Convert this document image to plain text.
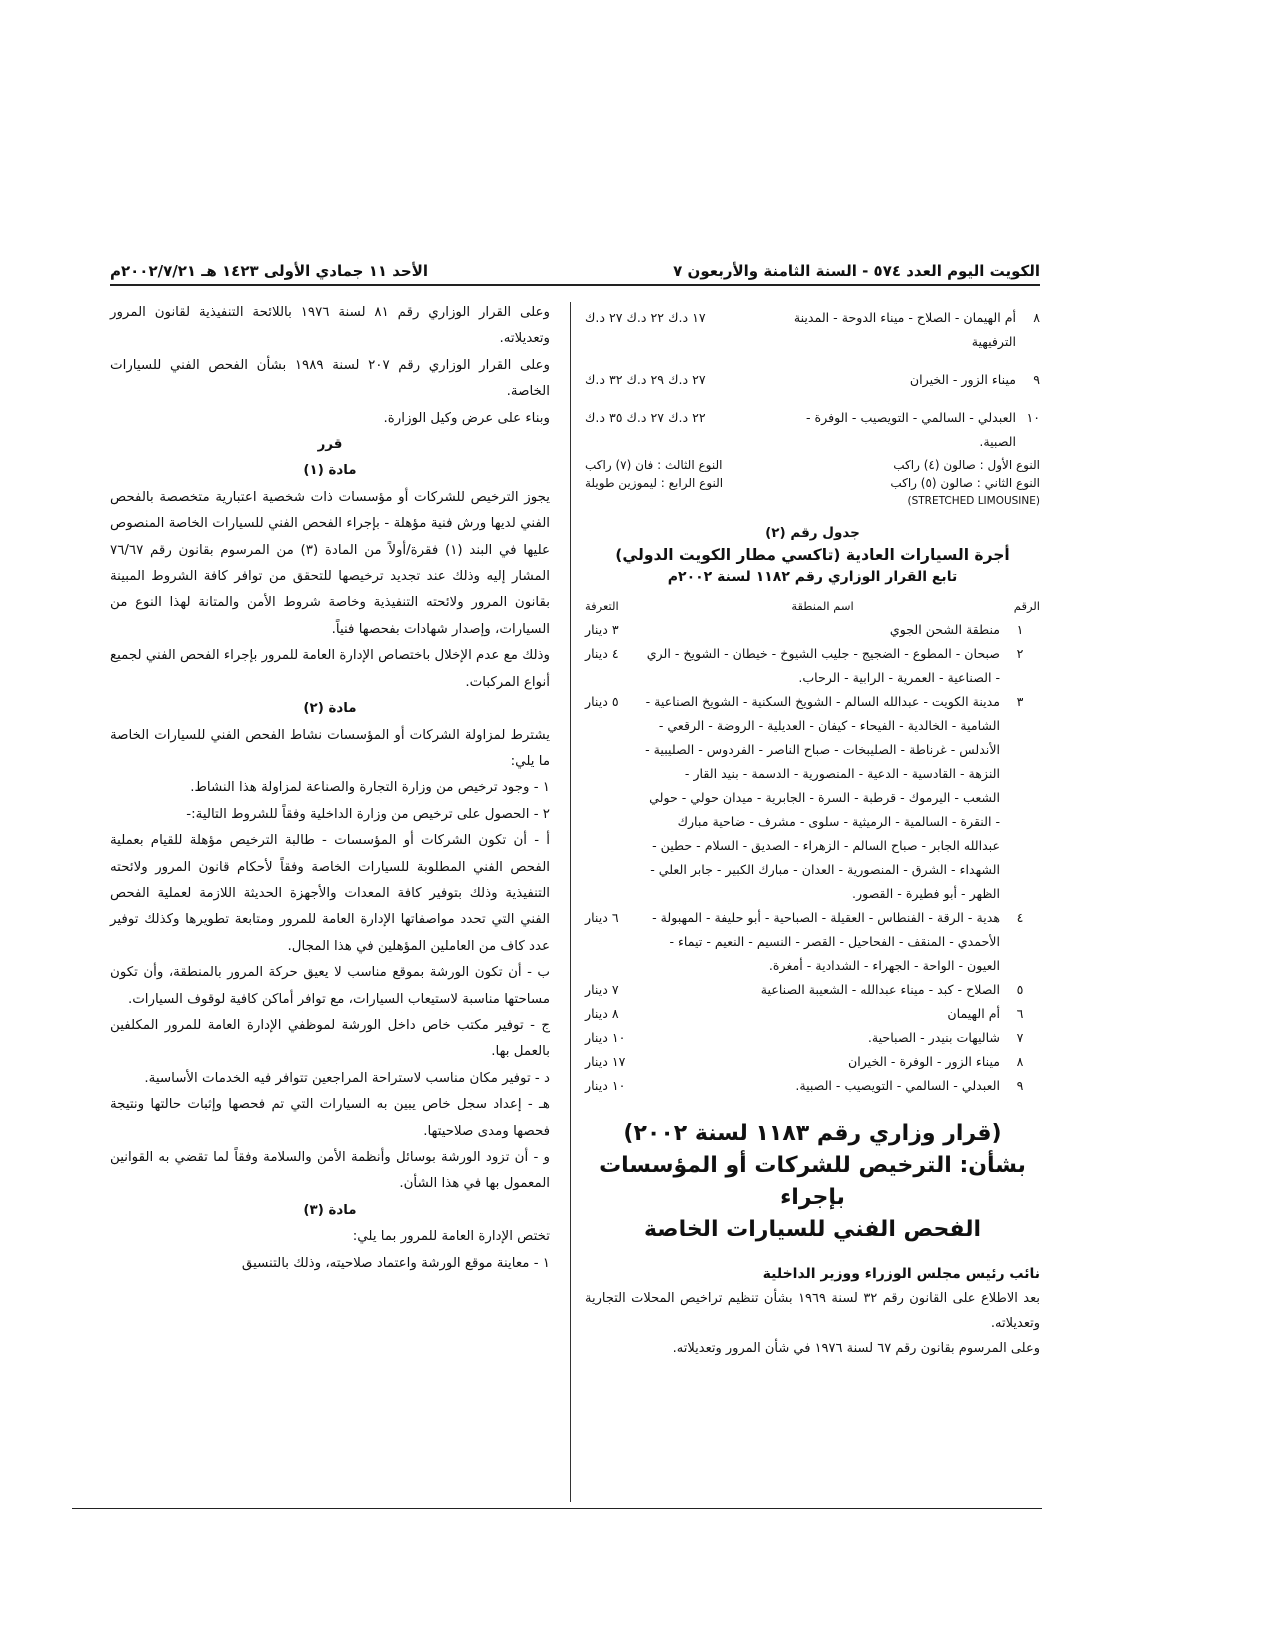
الكويت اليوم العدد ٥٧٤ - السنة الثامنة والأربعون ٧
الأحد ١١ جمادي الأولى ١٤٢٣ هـ ٢٠٠٢/٧/٢١م
٨
أم الهيمان - الصلاح - ميناء الدوحة - المدينة الترفيهية
١٧ د.ك ٢٢ د.ك ٢٧ د.ك
٩
ميناء الزور - الخيران
٢٧ د.ك ٢٩ د.ك ٣٢ د.ك
١٠
العبدلي - السالمي - التويصيب - الوفرة - الصبية.
٢٢ د.ك ٢٧ د.ك ٣٥ د.ك
النوع الأول : صالون (٤) راكب
النوع الثالث : فان (٧) راكب
النوع الثاني : صالون (٥) راكب
النوع الرابع : ليموزين طويلة
(STRETCHED LIMOUSINE)
جدول رقم (٢)
أجرة السيارات العادية (تاكسي مطار الكويت الدولي)
تابع القرار الوزاري رقم ١١٨٢ لسنة ٢٠٠٢م
الرقم
اسم المنطقة
التعرفة
١
منطقة الشحن الجوي
٣ دينار
٢
صبحان - المطوع - الضجيج - جليب الشيوخ - خيطان - الشويخ - الري - الصناعية - العمرية - الرابية - الرحاب.
٤ دينار
٣
مدينة الكويت - عبدالله السالم - الشويخ السكنية - الشويخ الصناعية - الشامية - الخالدية - الفيحاء - كيفان - العديلية - الروضة - الرقعي - الأندلس - غرناطة - الصليبخات - صباح الناصر - الفردوس - الصليبية - النزهة - القادسية - الدعية - المنصورية - الدسمة - بنيد القار - الشعب - اليرموك - قرطبة - السرة - الجابرية - ميدان حولي - حولي - النقرة - السالمية - الرميثية - سلوى - مشرف - ضاحية مبارك عبدالله الجابر - صباح السالم - الزهراء - الصديق - السلام - حطين - الشهداء - الشرق - المنصورية - العدان - مبارك الكبير - جابر العلي - الظهر - أبو فطيرة - القصور.
٥ دينار
٤
هدية - الرقة - الفنطاس - العقيلة - الصباحية - أبو حليفة - المهبولة - الأحمدي - المنقف - الفحاحيل - القصر - النسيم - النعيم - تيماء - العيون - الواحة - الجهراء - الشدادية - أمغرة.
٦ دينار
٥
الصلاح - كبد - ميناء عبدالله - الشعيبة الصناعية
٧ دينار
٦
أم الهيمان
٨ دينار
٧
شاليهات بنيدر - الصباحية.
١٠ دينار
٨
ميناء الزور - الوفرة - الخيران
١٧ دينار
٩
العبدلي - السالمي - التويصيب - الصبية.
١٠ دينار
(قرار وزاري رقم ١١٨٣ لسنة ٢٠٠٢)
بشأن: الترخيص للشركات أو المؤسسات بإجراء
الفحص الفني للسيارات الخاصة
نائب رئيس مجلس الوزراء ووزير الداخلية

بعد الاطلاع على القانون رقم ٣٢ لسنة ١٩٦٩ بشأن تنظيم تراخيص المحلات التجارية وتعديلاته.

وعلى المرسوم بقانون رقم ٦٧ لسنة ١٩٧٦ في شأن المرور وتعديلاته.

وعلى القرار الوزاري رقم ٨١ لسنة ١٩٧٦ باللائحة التنفيذية لقانون المرور وتعديلاته.

وعلى القرار الوزاري رقم ٢٠٧ لسنة ١٩٨٩ بشأن الفحص الفني للسيارات الخاصة.

وبناء على عرض وكيل الوزارة.

قرر

مادة (١)

يجوز الترخيص للشركات أو مؤسسات ذات شخصية اعتبارية متخصصة بالفحص الفني لديها ورش فنية مؤهلة - بإجراء الفحص الفني للسيارات الخاصة المنصوص عليها في البند (١) فقرة/أولاً من المادة (٣) من المرسوم بقانون رقم ٧٦/٦٧ المشار إليه وذلك عند تجديد ترخيصها للتحقق من توافر كافة الشروط المبينة بقانون المرور ولائحته التنفيذية وخاصة شروط الأمن والمتانة لهذا النوع من السيارات، وإصدار شهادات بفحصها فنياً.

وذلك مع عدم الإخلال باختصاص الإدارة العامة للمرور بإجراء الفحص الفني لجميع أنواع المركبات.

مادة (٢)

يشترط لمزاولة الشركات أو المؤسسات نشاط الفحص الفني للسيارات الخاصة ما يلي:

١ - وجود ترخيص من وزارة التجارة والصناعة لمزاولة هذا النشاط.

٢ - الحصول على ترخيص من وزارة الداخلية وفقاً للشروط التالية:-

أ - أن تكون الشركات أو المؤسسات - طالبة الترخيص مؤهلة للقيام بعملية الفحص الفني المطلوبة للسيارات الخاصة وفقاً لأحكام قانون المرور ولائحته التنفيذية وذلك بتوفير كافة المعدات والأجهزة الحديثة اللازمة لعملية الفحص الفني التي تحدد مواصفاتها الإدارة العامة للمرور ومتابعة تطويرها وكذلك توفير عدد كاف من العاملين المؤهلين في هذا المجال.

ب - أن تكون الورشة بموقع مناسب لا يعيق حركة المرور بالمنطقة، وأن تكون مساحتها مناسبة لاستيعاب السيارات، مع توافر أماكن كافية لوقوف السيارات.

ج - توفير مكتب خاص داخل الورشة لموظفي الإدارة العامة للمرور المكلفين بالعمل بها.

د - توفير مكان مناسب لاستراحة المراجعين تتوافر فيه الخدمات الأساسية.

هـ - إعداد سجل خاص يبين به السيارات التي تم فحصها وإثبات حالتها ونتيجة فحصها ومدى صلاحيتها.

و - أن تزود الورشة بوسائل وأنظمة الأمن والسلامة وفقاً لما تقضي به القوانين المعمول بها في هذا الشأن.

مادة (٣)

تختص الإدارة العامة للمرور بما يلي:

١ - معاينة موقع الورشة واعتماد صلاحيته، وذلك بالتنسيق
